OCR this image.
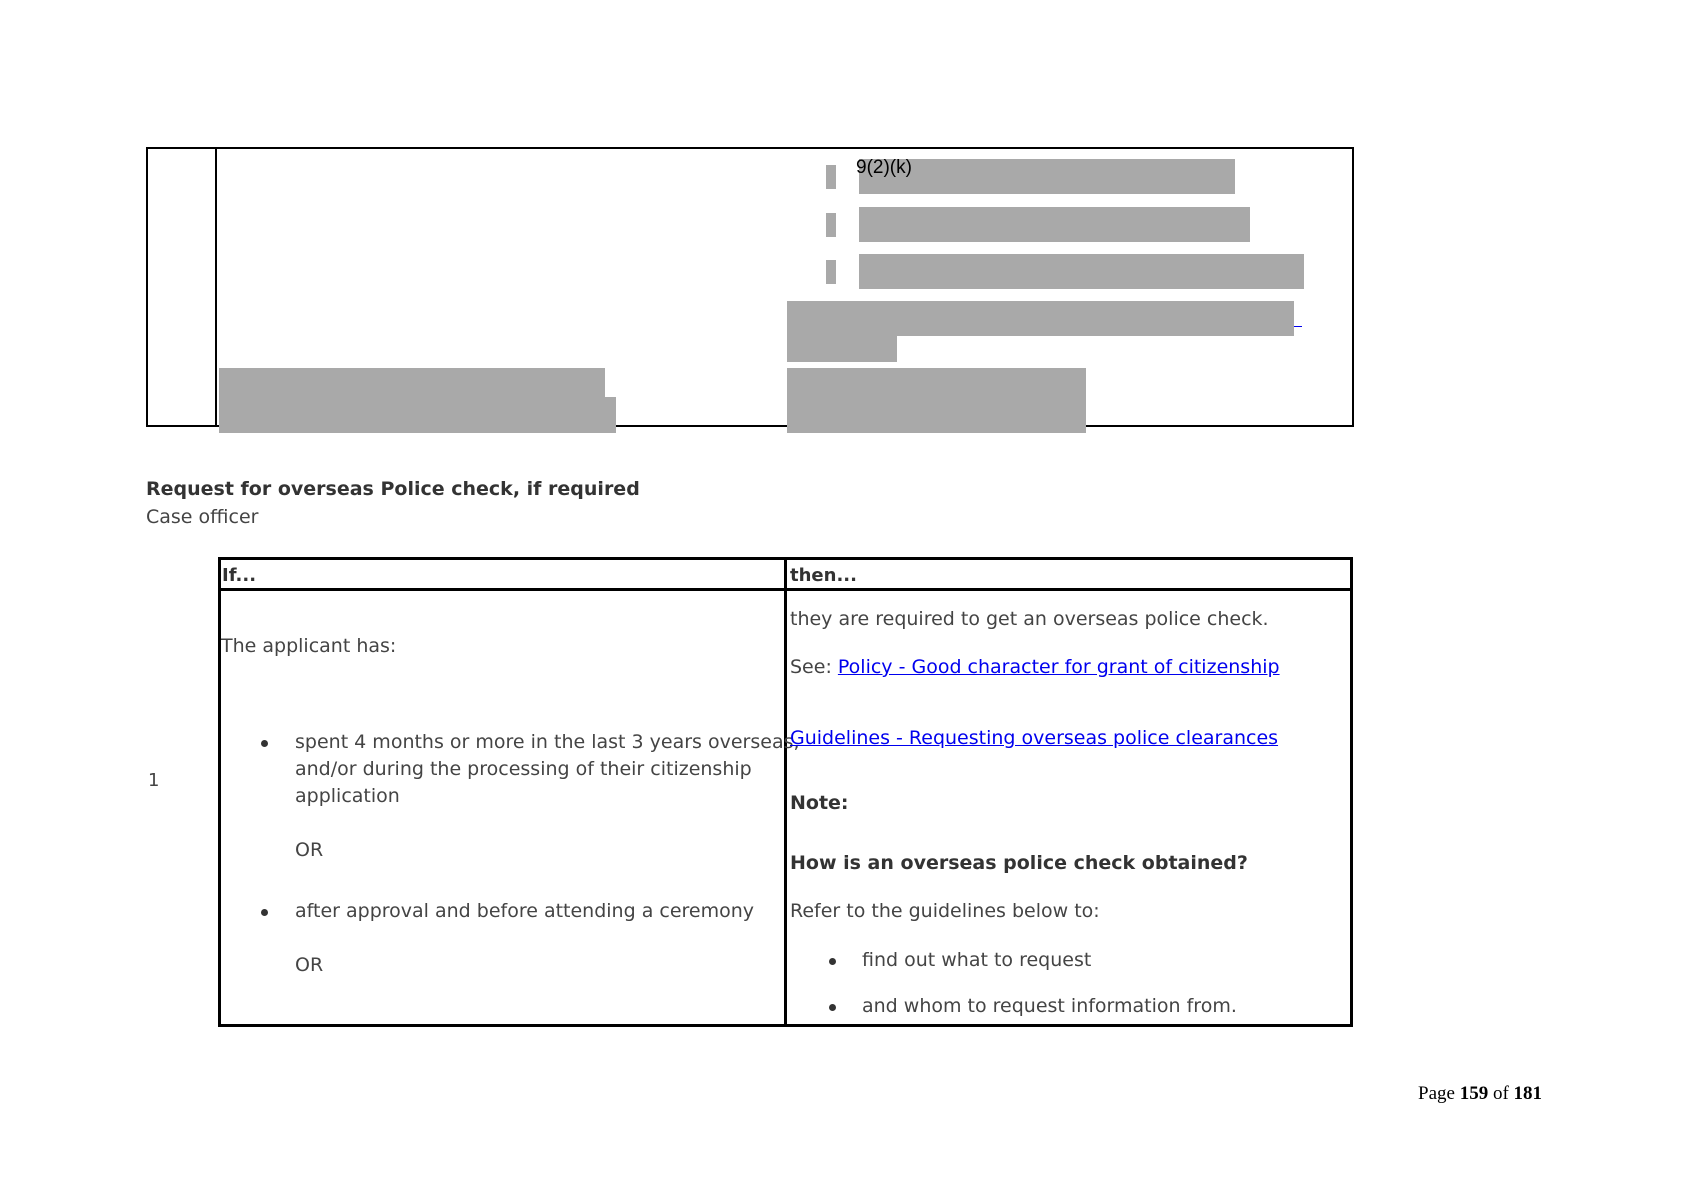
9(2)(k)
Request for overseas Police check, if required
Case officer
1
If...	then...
The applicant has:
spent 4 months or more in the last 3 years overseas,
and/or during the processing of their citizenship
application
OR
after approval and before attending a ceremony
OR
they are required to get an overseas police check.
See: Policy - Good character for grant of citizenship
Guidelines - Requesting overseas police clearances
Note:
How is an overseas police check obtained?
Refer to the guidelines below to:
find out what to request
and whom to request information from.
Page 159 of 181
